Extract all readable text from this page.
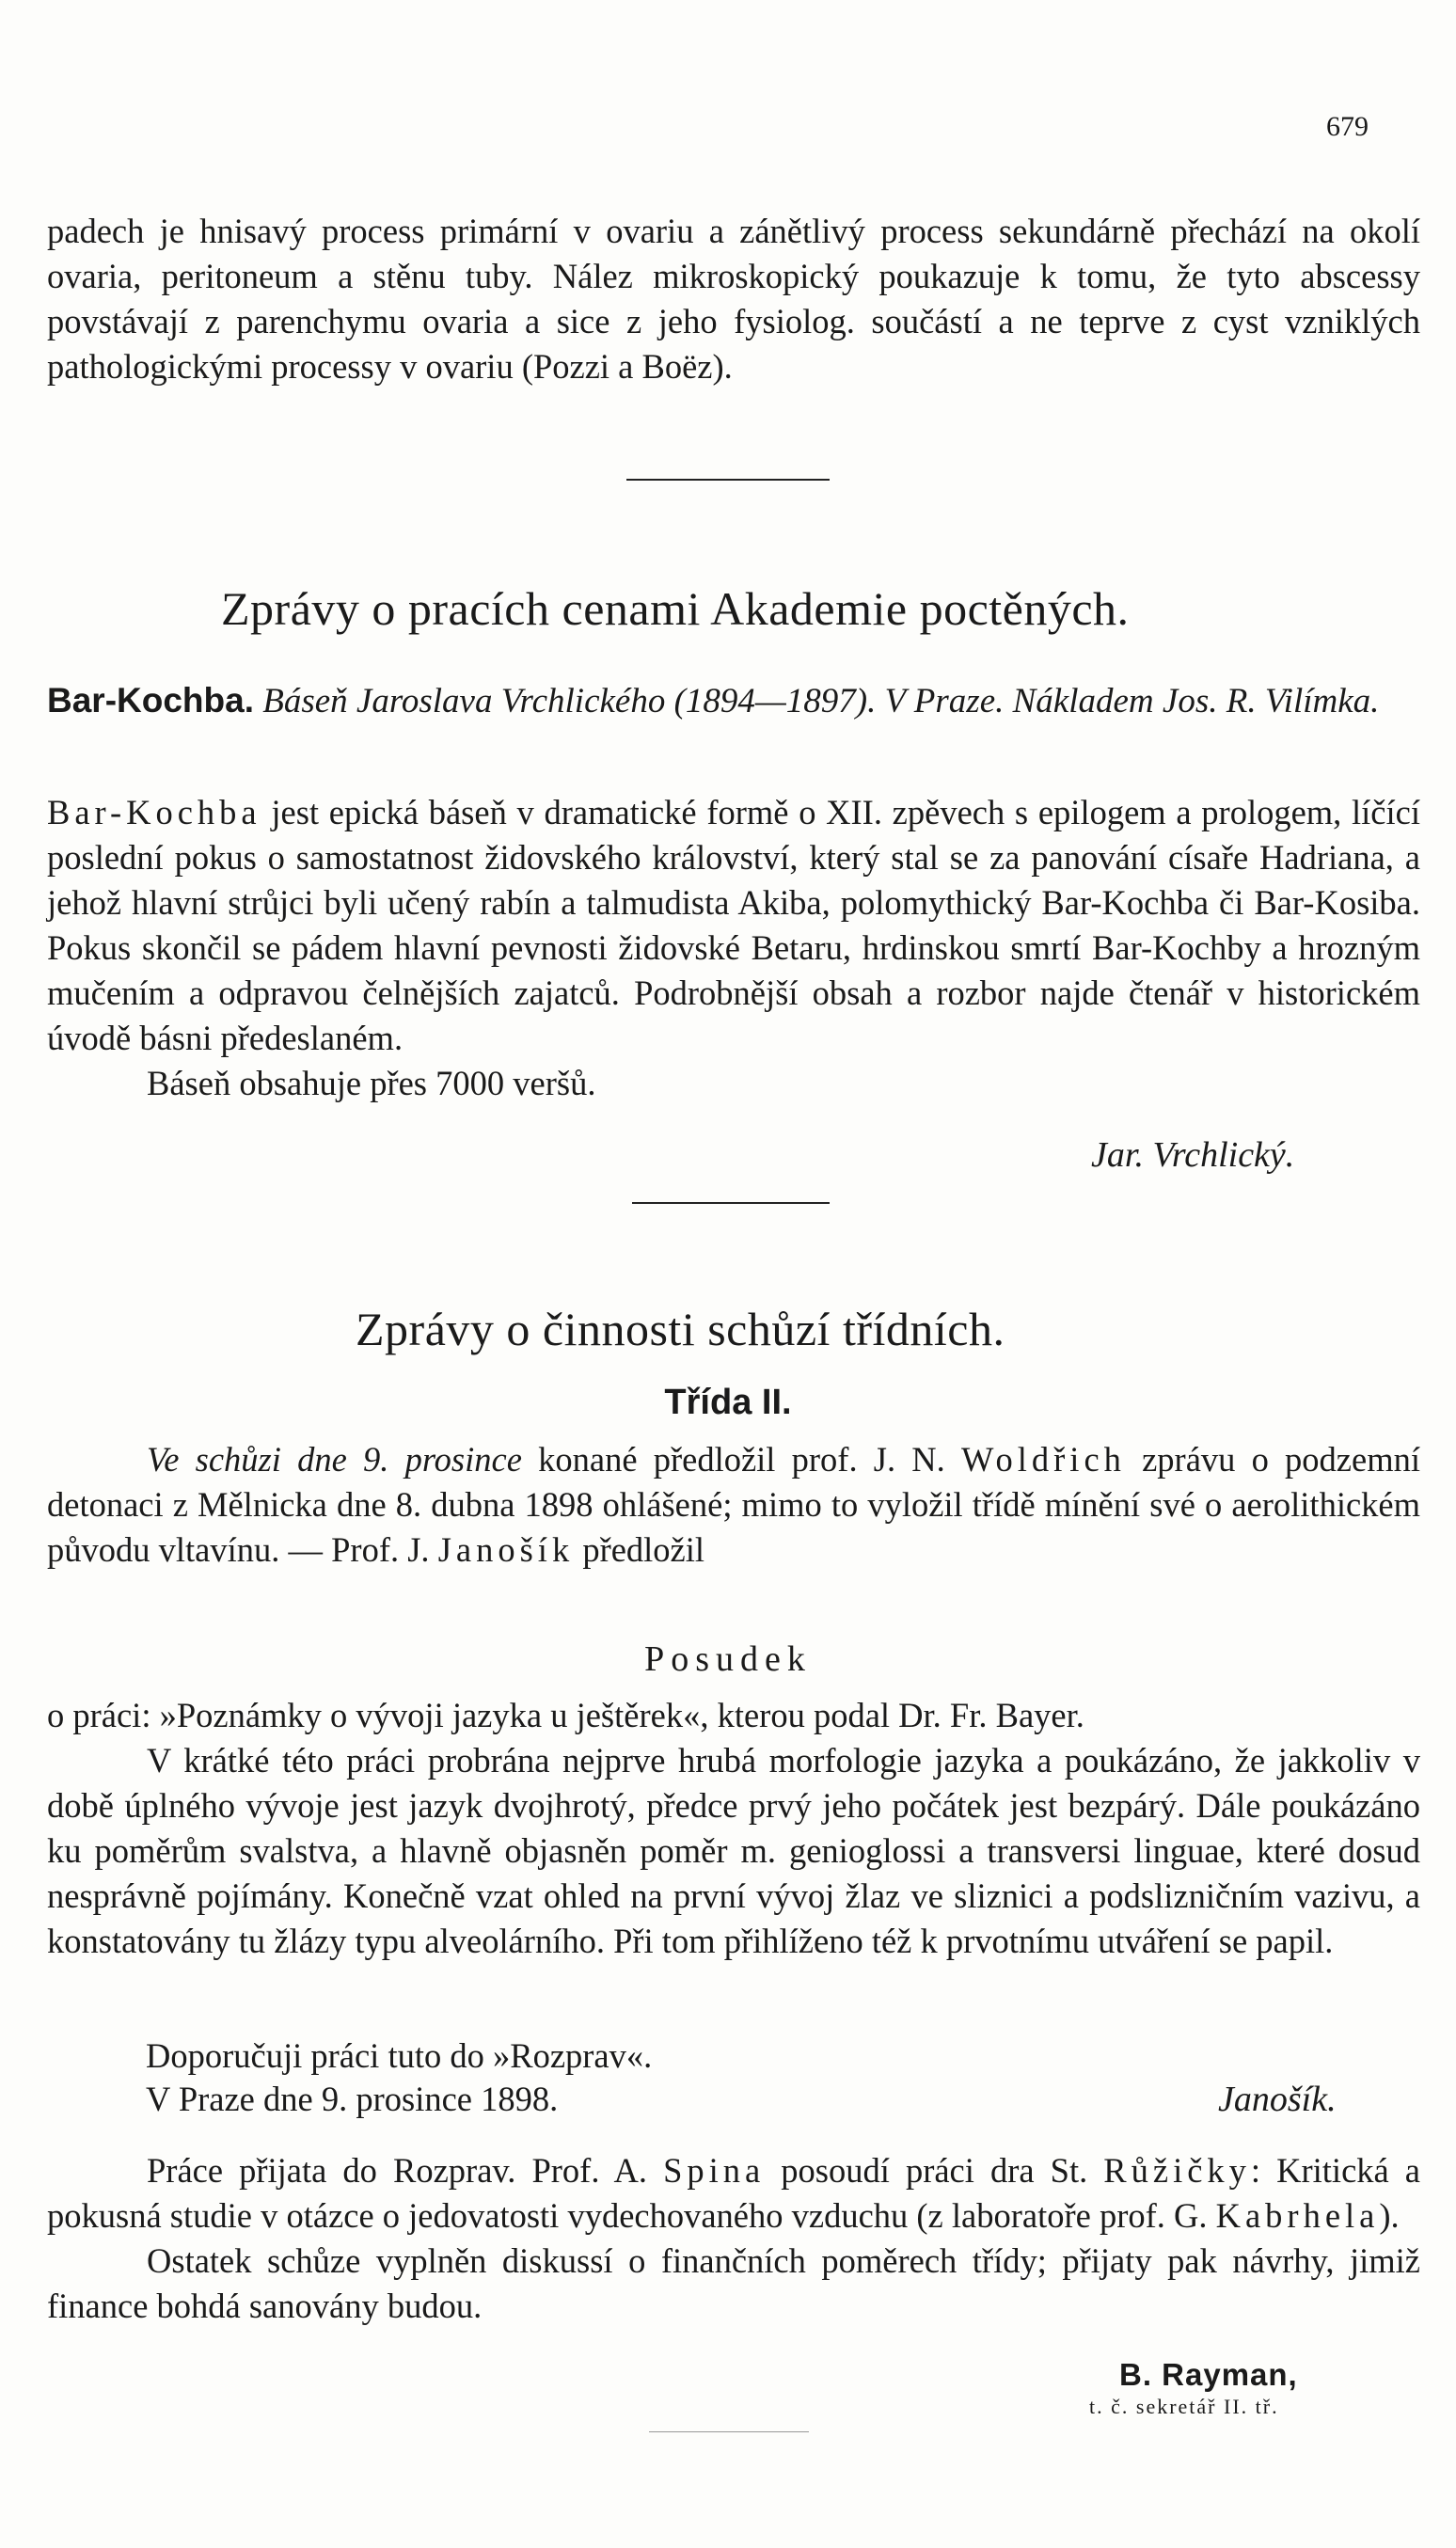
679

padech je hnisavý process primární v ovariu a zánětlivý process sekundárně přechází na okolí ovaria, peritoneum a stěnu tuby. Nález mikroskopický poukazuje k tomu, že tyto abscessy povstávají z parenchymu ovaria a sice z jeho fysiolog. součástí a ne teprve z cyst vzniklých pathologickými processy v ovariu (Pozzi a Boëz).

Zprávy o pracích cenami Akademie poctěných.
Bar-Kochba. Báseň Jaroslava Vrchlického (1894—1897). V Praze. Nákladem Jos. R. Vilímka.

Bar-Kochba jest epická báseň v dramatické formě o XII. zpěvech s epilogem a prologem, líčící poslední pokus o samostatnost židovského království, který stal se za panování císaře Hadriana, a jehož hlavní strůjci byli učený rabín a talmudista Akiba, polomythický Bar-Kochba či Bar-Kosiba. Pokus skončil se pádem hlavní pevnosti židovské Betaru, hrdinskou smrtí Bar-Kochby a hrozným mučením a odpravou čelnějších zajatců. Podrobnější obsah a rozbor najde čtenář v historickém úvodě básni předeslaném.

Báseň obsahuje přes 7000 veršů.

Jar. Vrchlický.
Zprávy o činnosti schůzí třídních.
Třída II.

Ve schůzi dne 9. prosince konané předložil prof. J. N. Woldřich zprávu o podzemní detonaci z Mělnicka dne 8. dubna 1898 ohlášené; mimo to vyložil třídě mínění své o aerolithickém původu vltavínu. — Prof. J. Janošík předložil

Posudek

o práci: »Poznámky o vývoji jazyka u ještěrek«, kterou podal Dr. Fr. Bayer.

V krátké této práci probrána nejprve hrubá morfologie jazyka a poukázáno, že jakkoliv v době úplného vývoje jest jazyk dvojhrotý, předce prvý jeho počátek jest bezpárý. Dále poukázáno ku poměrům svalstva, a hlavně objasněn poměr m. genioglossi a transversi linguae, které dosud nesprávně pojímány. Konečně vzat ohled na první vývoj žlaz ve sliznici a podslizničním vazivu, a konstatovány tu žlázy typu alveolárního. Při tom přihlíženo též k prvotnímu utváření se papil.

Doporučuji práci tuto do »Rozprav«.
V Praze dne 9. prosince 1898.	Janošík.

Práce přijata do Rozprav. Prof. A. Spina posoudí práci dra St. Růžičky: Kritická a pokusná studie v otázce o jedovatosti vydechovaného vzduchu (z laboratoře prof. G. Kabrhela).

Ostatek schůze vyplněn diskussí o finančních poměrech třídy; přijaty pak návrhy, jimiž finance bohdá sanovány budou.

B. Rayman,
t. č. sekretář II. tř.
